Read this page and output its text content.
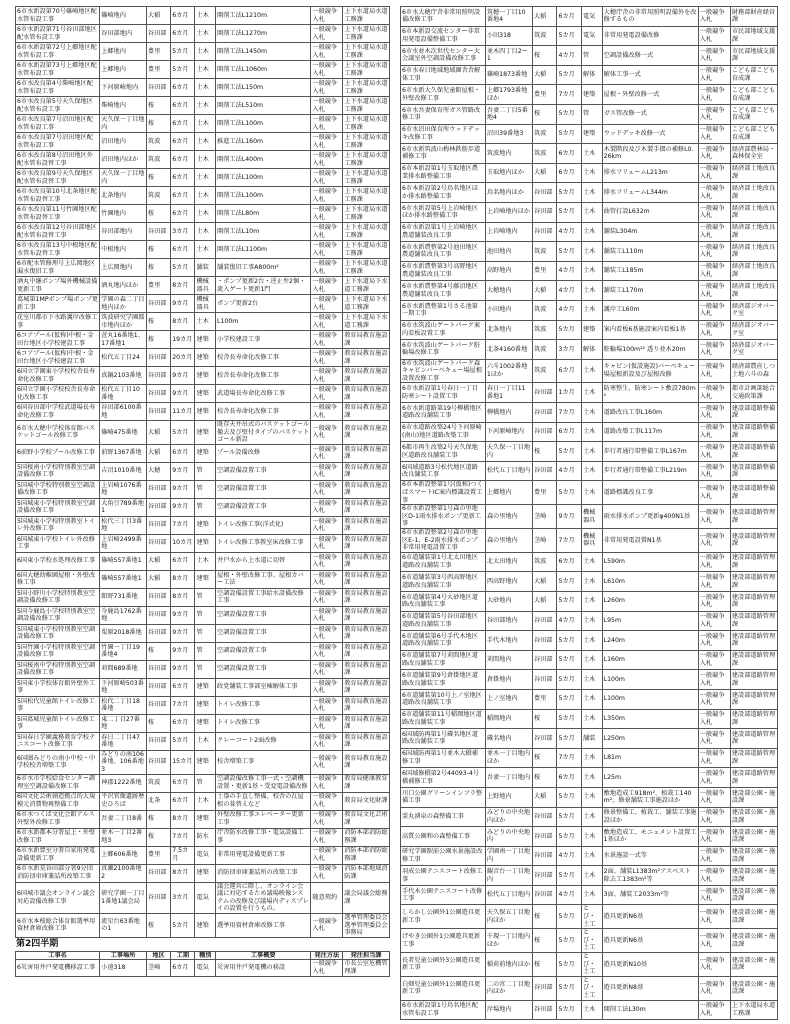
6市水新設第70号篠崎地区配水管布設工事	篠崎地内	大稲	6カ月	土木	開削工法L1210m	一般競争入札	上下水道局水道工務課
6市水新設第71号谷田部地区配水管布設工事	谷田部地内	谷田部	6カ月	土木	開削工法L1270m	一般競争入札	上下水道局水道工務課
6市水新設第72号上郷地区配水管布設工事	上郷地内	豊里	5カ月	土木	開削工法L1450m	一般競争入札	上下水道局水道工務課
6市水新設第73号上郷地区配水管布設工事	上郷地内	豊里	5カ月	土木	開削工法L1060m	一般競争入札	上下水道局水道工務課
6市水改良第4号柴崎地区配水管布設工事	下河原崎地内	谷田部	6カ月	土木	開削工法L150m	一般競争入札	上下水道局水道工務課
6市水改良第5号天久保地区配水管布設工事	柴崎地内	桜	6カ月	土木	開削工法L510m	一般競争入札	上下水道局水道工務課
6市水改良第7号沼田地区配水管布設工事	天久保一丁目地内	桜	6カ月	土木	開削工法L100m	一般競争入札	上下水道局水道工務課
6市水改良第7号沼田地区配水管布設工事	沼田地内	筑波	6カ月	土木	推進工法L160m	一般競争入札	上下水道局水道工務課
6市水改良第8号沼田地区外配水管布設替工事	沼田地内ほか	筑波	6カ月	土木	開削工法L400m	一般競争入札	上下水道局水道工務課
6市水改良第9号天久保地区配水管布設替工事	天久保一丁目地内	桜	6カ月	土木	開削工法L100m	一般競争入札	上下水道局水道工務課
6市水改良第10号北条地区配水管布設替工事	北条地内	筑波	6カ月	土木	開削工法L100m	一般競争入札	上下水道局水道工務課
6市水改良第11号竹園地区配水管布設替工事	竹園地内	桜	6カ月	土木	開削工法L80m	一般競争入札	上下水道局水道工務課
6市水改良第12号谷田部地区配水管布設替工事	谷田部地内	谷田部	3カ月	土木	開削工法L10m	一般競争入札	上下水道局水道工務課
6市水改良第13号中根地区配水管布設替工事	中根地内	桜	6カ月	土木	開削工法L1100m	一般競争入札	上下水道局水道工務課
6市配水管修理号上広岡地区漏水復旧工事	上広岡地内	桜	5カ月	舗装	舗装復旧工事A800m²	一般競争入札	上下水道局水道工務課
酒丸中継ポンプ場外機械設備更新工事	酒丸地内ほか	豊里	8カ月	機械器具	・ポンプ更新2台・逆止弁2個・流入ゲート更新1門	一般競争入札	上下水道局下水道工務課
葛城第1MPポンプ場ポンプ更新工事	学園の森二丁目地内ほか	谷田部	9カ月	機械器具	ポンプ更新2台	一般競争入札	上下水道局下水道工務課
花室川都市下水路護岸改修工事	筑波研究学園都市地内ほか	桜	8カ月	土木	L100m	一般競争入札	上下水道局下水道工務課
6コアプール(仮称)中根・金田台地区小学校建設工事	萱丸16番地1、17番地1	桜	19カ月	建築	小学校建設工事	一般競争入札	教育局教育施設課
6コアプール(仮称)中根・金田台地区小学校建設工事	松代五丁目24	谷田部	20カ月	建築	校舎長寿命化改修工事	一般競争入札	教育局教育施設課
6国立学園東小学校校舎長寿命化改修工事	真鍋2103番地	谷田部	9カ月	建築	校舎長寿命化改修工事	一般競争入札	教育局教育施設課
6国立学園小学校校舎長寿命化改修工事	松代五丁目10番地	谷田部	9カ月	建築	武道場長寿命化改修工事	一般競争入札	教育局教育施設課
6国谷田部中学校武道場長寿命化改修工事	谷田部6100番地	谷田部	11カ月	建築	校舎長寿命化改修工事	一般競争入札	教育局教育施設課
6市水大穂中学校体育館バスケットゴール改修工事	篠崎475番地	大稲	5カ月	建築	既存天井吊式のバスケットゴール撤去及び壁付タイプのバスケットゴール新設	一般競争入札	教育局教育施設課
6前野小学校プール改修工事	前野1367番地	大稲	6カ月	建築	プール設備改修	一般競争入札	教育局教育施設課
5国桜南小学校特別教室空調設備改修工事	吉沼1010番地	大穂	9カ月	管	空調設備設置工事	一般競争入札	教育局教育施設課
5国城中学校特別教室空調設備改修工事	上岩崎1076番地	谷田部	9カ月	管	空調設備設置工事	一般競争入札	教育局教育施設課
5国城東小学校特別教室空調設備改修工事	大角豆789番地1	谷田部	9カ月	管	空調設備設置工事	一般競争入札	教育局教育施設課
5国城東小学校特別教室トイレ外改修工事	松代三丁目3番地	谷田部	7カ月	建築	トイレ改修工事(洋式化)	一般競争入札	教育局教育施設課
6国城東小学校トイレ外改修工事	上岩崎2499番地	谷田部	10カ月	建築	トイレ改修工事教室床改修工事	一般競争入札	教育局教育施設課
6国東小学校水処理改修工事	篠崎557番地1	大稲	6カ月	土木	井戸水から上水道に切替	一般競争入札	教育局教育施設課
6国大穂幼稚園屋根・外壁改修工事	篠崎557番地1	大稲	8カ月	建築	屋根・外壁改修工事、屋根カバー工法	一般競争入札	教育局教育施設課
5国小野川小学校特別教室空調設備改修工事	館野731番地	谷田部	8カ月	管	空調設備設置工事給水設備改修工事	一般競争入札	教育局教育施設課
5国今鹿島小学校特別教室空調設備改修工事	今鹿島1762番地	谷田部	9カ月	管	空調設備設置工事	一般競争入札	教育局教育施設課
5国城東小学校特別教室空調設備改修工事	栗原2018番地	谷田部	9カ月	管	空調設備設置工事	一般競争入札	教育局教育施設課
5国竹園小学校特別教室空調設備改修工事	竹園一丁目19番地4	桜	9カ月	管	空調設備設置工事	一般競争入札	教育局教育施設課
5国桜南中学校特別教室空調設備改修工事	苅間689番地	谷田部	9カ月	管	空調設備設置工事	一般競争入札	教育局教育施設課
5国東小学校体育館外壁外工事	下河原崎503番地	谷田部	6カ月	建築	政党舗装工事部室棟解体工事	一般競争入札	教育局教育施設課
5国松代児童館トイレ改修工事	松代二丁目18番地	谷田部	7カ月	建築	トイレ改修工事	一般競争入札	教育局教育施設課
5国葛城児童館トイレ改修工事	東二丁目27番地	桜	6カ月	建築	トイレ改修工事	一般競争入札	教育局教育施設課
5国春日学園義務教育学校テニスコート改修工事	春日二丁目47番地	谷田部	5カ月	土木	クレーコート2面改修	一般競争入札	教育局教育施設課
6国圏みどりの南小中校・中学校校舎増築工事	みどりの南106番地、106番地3	谷田部	15カ月	建築	校舎増築工事	一般競争入札	教育局教育施設課
6市水市学校給食センター調理室空調設備改修工事	神郡1222番地	筑波	6カ月	管	空調設備改修工事一式・空調機設置・更新1基・受変電設備改修	一般競争入札	教育局健康教育課
6国文化芸術創造拠点的大規模元消費物再整備工事	平沢官衙遺跡歴史ひろば	北条	6カ月	土木	土塁の手直し整備、校舎の瓦屋根の葺替えなど	一般競争入札	教育局文化財課
6市水つくば文化会館アルス外壁外改修工事	吾妻二丁目8番	桜	8カ月	建築	外壁改修工事エレベーター更新工事	一般競争入札	教育局文化芸術課
6市水新都本分署屋上・外壁改修工事	並木一丁目2番地3	桜	7カ月	防水	庁舎防水改修工事・電気設備工事	一般競争入札	消防本部消防総務課
6市水新豊室分署自家用発電設備更新工事	上郷606番地	豊里	7.5カ月	電気	非常用発電設備更新工事	一般競争入札	消防本部消防総務課
6市水新荒谷田部分署9分団消防団車庫兼詰所改築工事	真瀬2100番地2	谷田部	8カ月	建築	消防団車庫兼詰所の改築工事	一般競争入札	消防本部地域消防課
6国城市議会オンライン議会対応設備改修工事	研究学園一丁目1番地1議会局	谷田部	3カ月	電気	議会運営に際し、オンライン会議に対応するため議場映像システムの改修及び議場内ディスプレイの設置を行うもの。	随意契約	議会局議会総務課
6市水本桜総合体育館選挙用資材倉庫改修工事	流星台63番地の1	桜	5カ月	建築	選挙用資材倉庫改修工事	一般競争入札	選挙管理委員会選挙管理委員会事務局
第2四半期
工事名	工事場所	地区	工期	種別	工事概要	発注方法	発注担当課
6災害用井戸発電機移設工事	小遠318	茎崎	6カ月	電気	災害用井戸発電機の移設	一般競争入札	市長公室危機管理課
6市水大穂庁舎非常用照明設備改修工事	筑穂一丁目10番地4	大稲	6カ月	電気	大穂庁舎の非常用照明設備外を改修するもの	一般競争入札	財務部財産経営課
6市本新設交流センター非常用発電設備整備工事	小田318	筑波	5カ月	電気	非常用発電設備改修	一般競争入札	市民部地域支援課
6市水並木次世代センター大会議室外空調設備改修工事	並木四丁目2ー1	桜	4カ月	管	空調設備改修一式	一般競争入札	市民部地域支援課
6市水春日地域地域園舎舎解体工事	篠崎1873番地	大稲	5カ月	解体	解体工事一式	一般競争入札	こども部こども育成課
6市水新大久保児童館屋根・外壁改修工事	上郷1793番地ほか	豊里	7カ月	建築	屋根・外壁改修一式	一般競争入札	こども部こども育成課
6市水吾妻保育所ガス管路改修工事	吾妻二丁目5番地4	桜	5カ月	管	ガス管改修一式	一般競争入札	こども部こども育成課
6市水沼田保育所ウッドデッキ改修工事	沼田39番地3	筑波	5カ月	建築	ウッドデッキ改修一式	一般競争入札	こども部こども育成課
6市水新筑波山梅林鉄筋歩道補修工事	筑波地内	筑波	6カ月	土木	木製階段及び木製手摺の補修L0.26km	一般競争入札	経済部農林局・森林保全室
6市本新設第1号玉取地区農業排水路整備工事	玉取地内ほか	大稲	6カ月	土木	排水フリュームL213m	一般競争入札	経済部土地改良課
6市本新設第2号鳥名地区ほか排水路整備工事	鳥名地内ほか	谷田部	5カ月	土木	排水フリュームL344m	一般競争入札	経済部土地改良課
6市水新設第5号上岩崎地区ほか排水路整備工事	上岩崎地内ほか	谷田部	5カ月	土木	曲管打設L632m	一般競争入札	経済部土地改良課
6市水新設第1号上岩崎地区農道舗装改良工事	上岩崎地内	谷田部	4カ月	土木	舗装L304m	一般競争入札	経済部土地改良課
6市水新農整第2号池田地区農道舗装改良工事	池田地内	筑波	5カ月	土木	舗装工L110m	一般競争入札	経済部土地改良課
6市水新農整第3号高野地区農道舗装改良工事	高野地内	豊里	4カ月	土木	舗装工L185m	一般競争入札	経済部土地改良課
6市水新農整第4号藤沼地区農道舗装改良工事	大穂地内	大稲	4カ月	土木	舗装工L170m	一般競争入札	経済部土地改良課
6市水新農整第1号さる池第一期工事	小田地内	筑波	4カ月	土木	護岸工L60m	一般競争入札	経済部ジオパーク室
6市水筑波山ゲートパーク案内看板設置工事	北条地内	筑波	5カ月	建築	案内看板6基施設案内看板1基	一般競争入札	経済部ジオパーク室
6市水筑波山ゲートパーク駐輪場改修工事	北条4160番地	筑波	3カ月	解体	駐輪場100m²² 透り並木20m	一般競争入札	経済部ジオパーク室
6市水筑波山ゲートパーク森キャビンバーベキュー場屋根設置改修工事	六斗1002番地1ほか	筑波	6カ月	土木	キャビン(仮設施設)バーベキュー場屋根新設及び屋根改修	一般競争入札	経済部農産しつ土地六斗の森
6市水新設第1号春日一丁目防寒シート設置工事	春日一丁目11番地1	谷田部	1カ月	土木	防寒整生、防寒シート敷設780m²	一般競争入札	都市計画部総合交通政策課
6市水新道路第19号柳橋地区道路改良舗装工事	柳橋地内	谷田部	7カ月	土木	道路改良工事L160m	一般競争入札	建設部道路整備課
6市水道路改築24号下河原崎(南山)地区道路改築工事	下河原崎地内	谷田部	6カ月	土木	道路改築工事L117m	一般競争入札	建設部道路整備課
6都市再生改築2号天久保地区道路改良舗装工事	天久保一丁目地内	桜	5カ月	土木	歩行者通行帯整備工事L167m	一般競争入札	建設部道路整備課
6国域道路3号松代地区道路改良舗装工事	松代五丁目地内	谷田部	4カ月	土木	歩行者通行帯整備工事L219m	一般競争入札	建設部道路整備課
6市本新設整第1号(仮称)つくばスマートIC案内標識設置工事	上郷地内	豊里	5カ月	土木	道路標識改良工事	一般競争入札	建設部道路整備課
6市水新設整第1号森の里地区D-1雨水排水ポンプ更新工事	森の里地内	茎崎	9カ月	機械器具	雨水排水ポンプ更新φ400N1基	一般競争入札	建設部道路管理課
6市水新設整第2号森の里地区E-1、E-2雨水排水ポンプ非常用発電設置工事	森の里地内	茎崎	7カ月	機械器具	非常用発電設置N1基	一般競争入札	建設部道路管理課
6市道舗装第1号北太田地区道路改良舗装工事	北太田地内	筑波	6カ月	土木	L590m	一般競争入札	建設部道路管理課
6市道舗装第3号西高野地区道路改良舗装工事	西高野地内	大稲	5カ月	土木	L610m	一般競争入札	建設部道路管理課
6市道舗装第4号大砂地区道路改良舗装工事	大砂地内	大稲	5カ月	土木	L260m	一般競争入札	建設部道路管理課
6市道舗装第5号谷田部地区道路改良舗装工事	谷田部地内	谷田部	4カ月	土木	L95m	一般競争入札	建設部道路管理課
6市道舗装第6号手代木地区道路改良舗装工事	手代木地内	谷田部	5カ月	土木	L240m	一般競争入札	建設部道路管理課
6市道舗装第7号苅間地区道路改良舗装工事	苅間地内	谷田部	5カ月	土木	L160m	一般競争入札	建設部道路管理課
6市道舗装第9号倉掛地区道路改良舗装工事	倉掛地内	谷田部	5カ月	土木	L100m	一般競争入札	建設部道路管理課
6市道舗装第10号上ノ室地区道路改良舗装工事	上ノ室地内	豊里	5カ月	土木	L100m	一般競争入札	建設部道路管理課
6市道舗装第11号稲岡地区道路改良舗装工事	稲岡地内	桜	5カ月	土木	L350m	一般競争入札	建設部道路管理課
6国域防再第1号蔵名地区道路改良舗装工事	蔵名地内	谷田部	5カ月	舗装	L250m	一般競争入札	建設部道路管理課
6国域防再第1号並木大橋補修工事	並木一丁目地内ほか	桜	7カ月	土木	L81m	一般競争入札	建設部道路管理課
6国域修橋第2号44093-4号橋補修工事	吾妻一丁目地内	桜	6カ月	土木	L25m	一般競争入札	建設部道路管理課
川口公園グリーンインフラ整備工事	上野地内	大稲	5カ月	土木	敷地造成工918m²、植栽工140m²、修景舗装工事施設ほか	一般競争入札	建設部公園・施設課
霊丸湧泉の森整備工事	みどりの中央地内ほか	谷田部	5カ月	土木	修景整備工、植栽工、舗装工事施設ほか	一般競争入札	建設部公園・施設課
高質公園和の森整備工事	みどりの中央地内	谷田部	5カ月	土木	敷地造成工、モニュメント設置工1基ほか	一般競争入札	建設部公園・施設課
研究学園駅前公園水景施設改修工事	学園南一丁目地内	谷田部	4カ月	土木	水景施設一式等	一般競争入札	建設部公園・施設課
羽成公園テニスコート改修工事	観音台一丁目地内	谷田部	5カ月	土木	2面、舗装L1383m²アスベスト除去工1383m²等	一般競争入札	建設部公園・施設課
手代木公園テニスコート改修工事	松代五丁目地内	谷田部	4カ月	土木	3面、舗装工2033m²等	一般競争入札	建設部公園・施設課
しらかし公園外1公園遊具更新工事	天久保五丁目地内ほか	桜	5カ月	とび・土工	遊具更新N6基	一般競争入札	建設部公園・施設課
げやき公園外1公園遊具更新工事	千現一丁目地内ほか	桜	5カ月	とび・土工	遊具更新N6基	一般競争入札	建設部公園・施設課
長者児童公園外3公園遊具更新工事	稲荷前地内ほか	桜	5カ月	とび・土工	遊具更新N10基	一般競争入札	建設部公園・施設課
白畑児童公園外1公園遊具更新工事	二の宮二丁目地内ほか	谷田部	5カ月	とび・土工	遊具更新N8基	一般競争入札	建設部公園・施設課
6市水新設第1号鳥名地区配水管布設工事	岸場地内	谷田部	5カ月	土木	開削工法L30m	一般競争入札	上下水道局水道工務課
